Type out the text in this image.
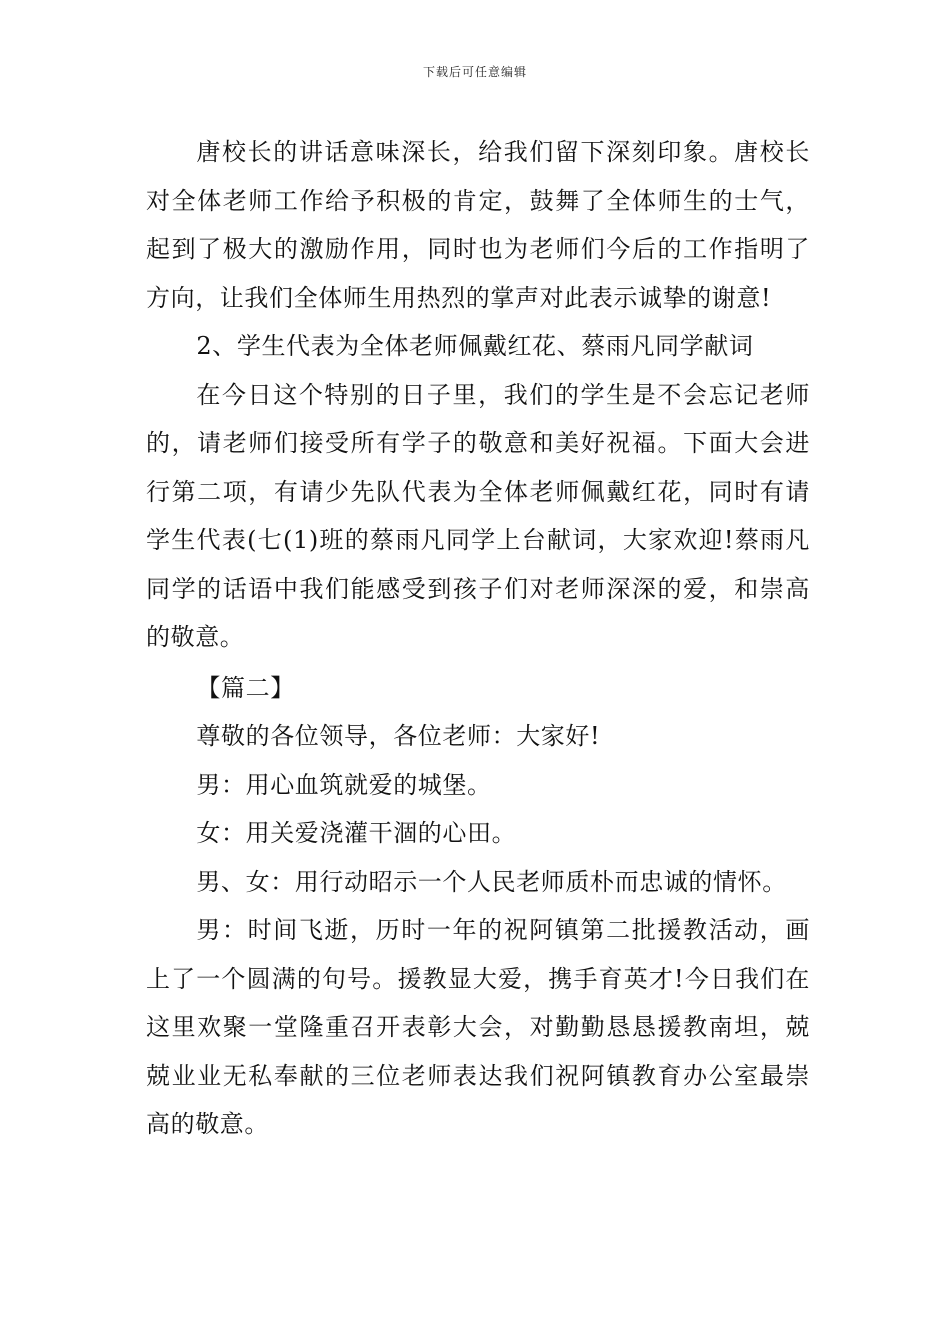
下载后可任意编辑

唐校长的讲话意味深长，给我们留下深刻印象。唐校长对全体老师工作给予积极的肯定，鼓舞了全体师生的士气，起到了极大的激励作用，同时也为老师们今后的工作指明了方向，让我们全体师生用热烈的掌声对此表示诚挚的谢意!

2、学生代表为全体老师佩戴红花、蔡雨凡同学献词

在今日这个特别的日子里，我们的学生是不会忘记老师的，请老师们接受所有学子的敬意和美好祝福。下面大会进行第二项，有请少先队代表为全体老师佩戴红花，同时有请学生代表(七(1)班的蔡雨凡同学上台献词，大家欢迎!蔡雨凡同学的话语中我们能感受到孩子们对老师深深的爱，和崇高的敬意。

【篇二】

尊敬的各位领导，各位老师：大家好!

男：用心血筑就爱的城堡。

女：用关爱浇灌干涸的心田。

男、女：用行动昭示一个人民老师质朴而忠诚的情怀。

男：时间飞逝，历时一年的祝阿镇第二批援教活动，画上了一个圆满的句号。援教显大爱，携手育英才!今日我们在这里欢聚一堂隆重召开表彰大会，对勤勤恳恳援教南坦，兢兢业业无私奉献的三位老师表达我们祝阿镇教育办公室最崇高的敬意。
